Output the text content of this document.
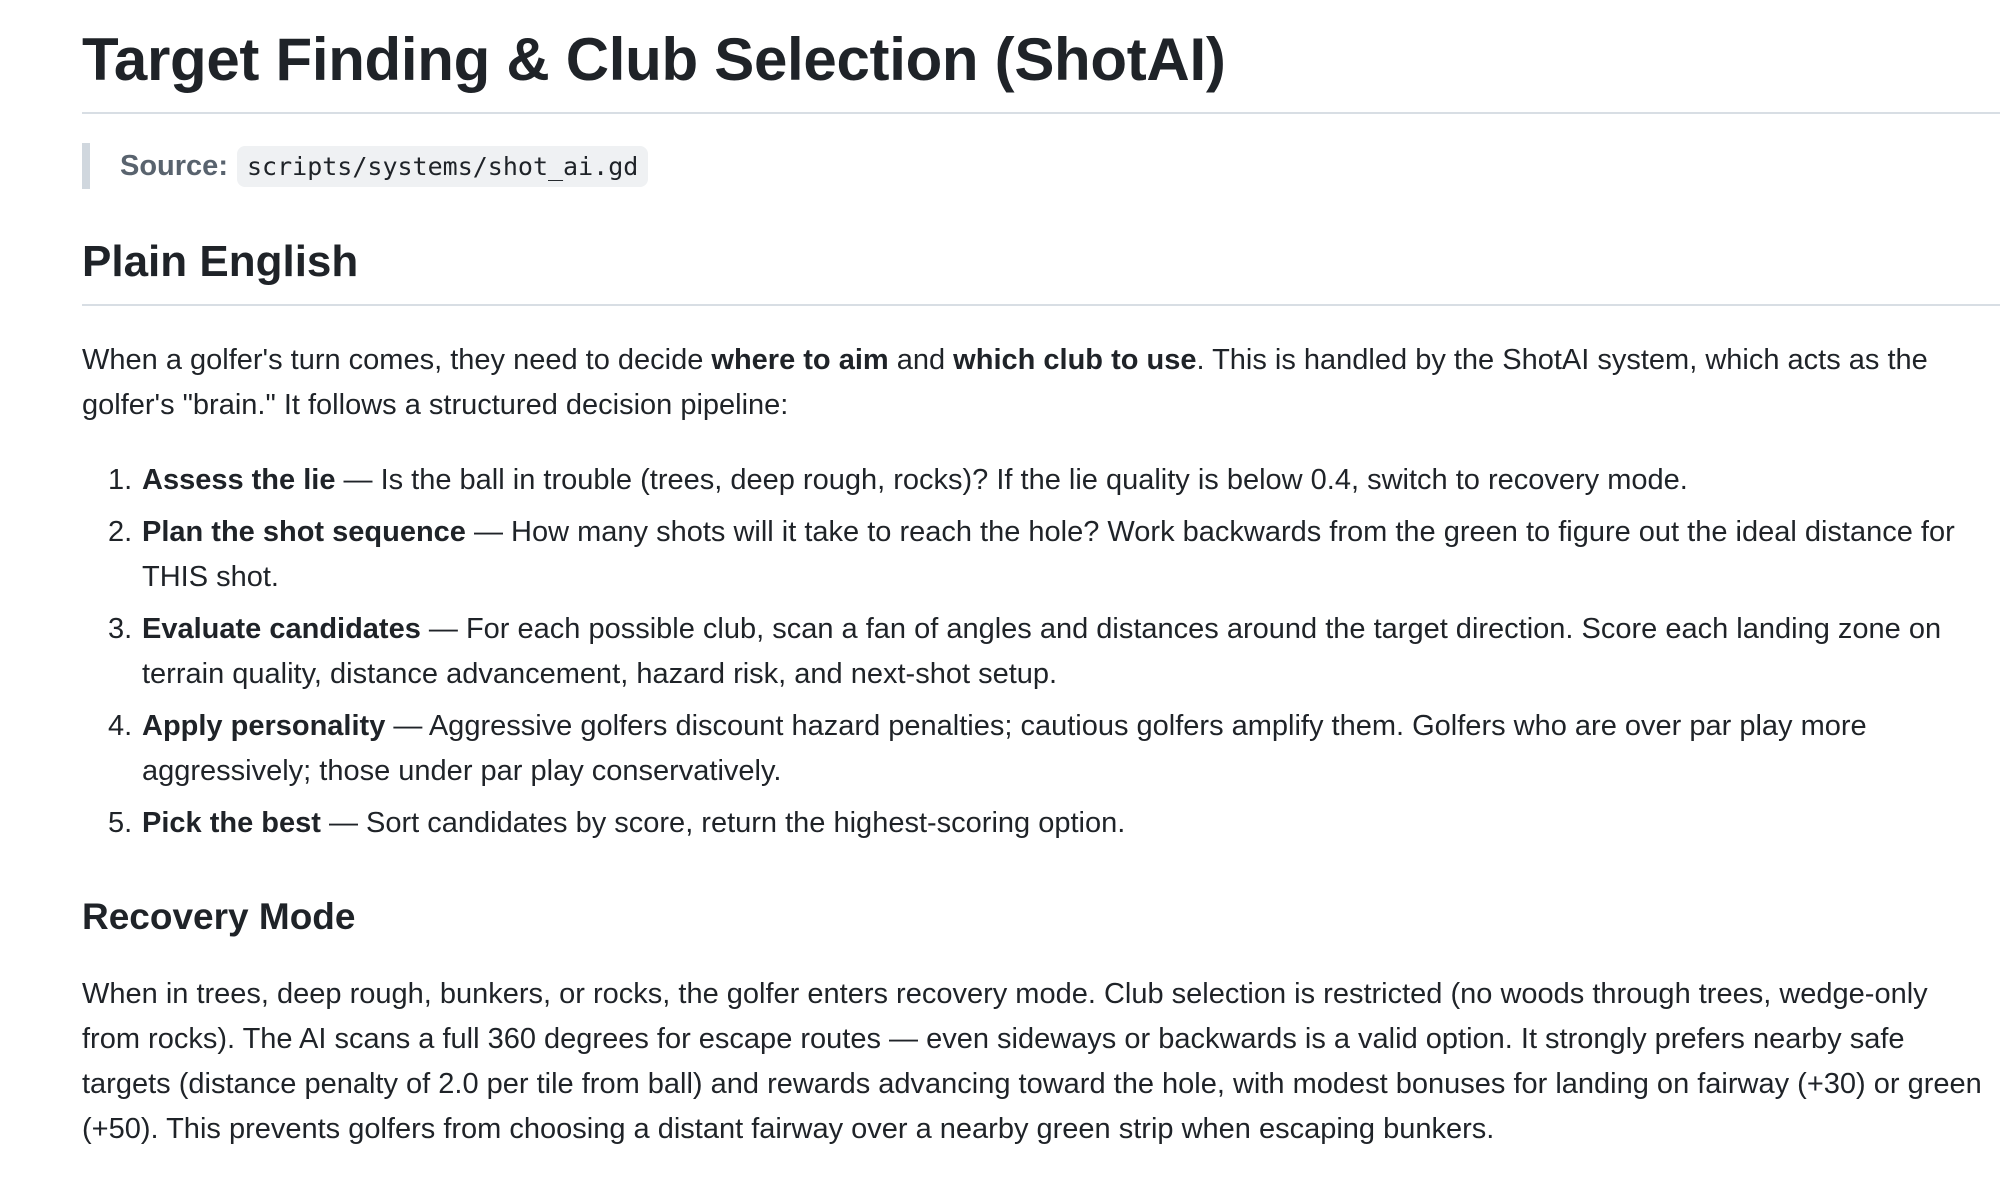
Target Finding & Club Selection (ShotAI)
Source: scripts/systems/shot_ai.gd
Plain English

When a golfer's turn comes, they need to decide where to aim and which club to use. This is handled by the ShotAI system, which acts as the golfer's "brain." It follows a structured decision pipeline:

1. Assess the lie — Is the ball in trouble (trees, deep rough, rocks)? If the lie quality is below 0.4, switch to recovery mode.
2. Plan the shot sequence — How many shots will it take to reach the hole? Work backwards from the green to figure out the ideal distance for THIS shot.
3. Evaluate candidates — For each possible club, scan a fan of angles and distances around the target direction. Score each landing zone on terrain quality, distance advancement, hazard risk, and next-shot setup.
4. Apply personality — Aggressive golfers discount hazard penalties; cautious golfers amplify them. Golfers who are over par play more aggressively; those under par play conservatively.
5. Pick the best — Sort candidates by score, return the highest-scoring option.
Recovery Mode

When in trees, deep rough, bunkers, or rocks, the golfer enters recovery mode. Club selection is restricted (no woods through trees, wedge-only from rocks). The AI scans a full 360 degrees for escape routes — even sideways or backwards is a valid option. It strongly prefers nearby safe targets (distance penalty of 2.0 per tile from ball) and rewards advancing toward the hole, with modest bonuses for landing on fairway (+30) or green (+50). This prevents golfers from choosing a distant fairway over a nearby green strip when escaping bunkers.
